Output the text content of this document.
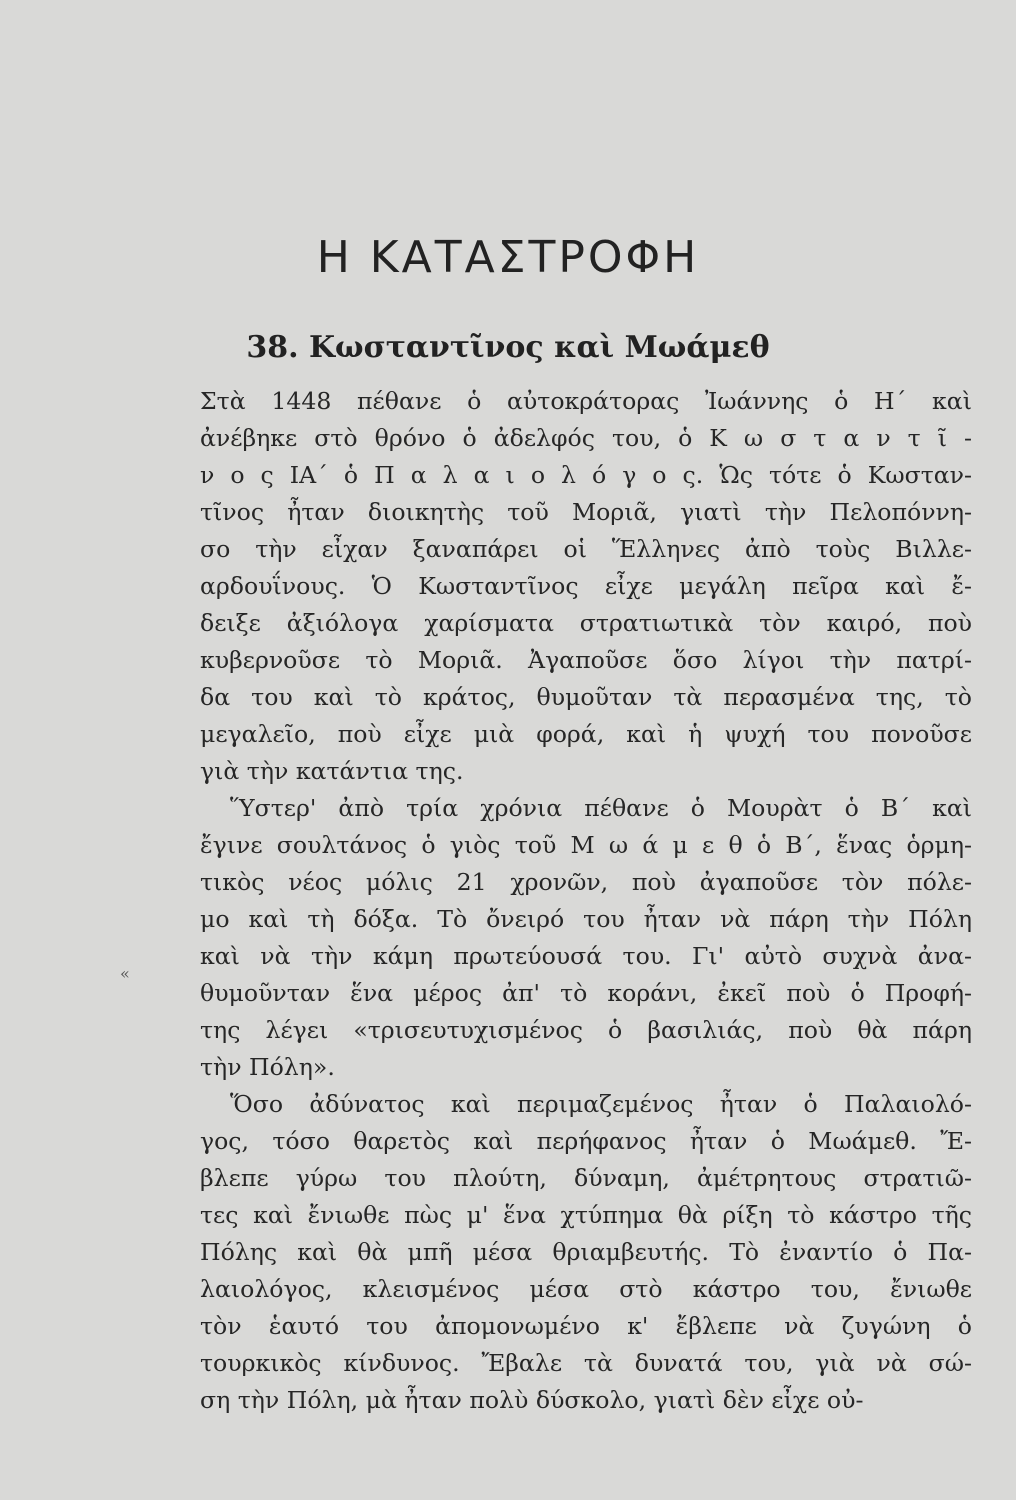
Η ΚΑΤΑΣΤΡΟΦΗ
38. Κωσταντῖνος καὶ Μωάμεθ
Στὰ 1448 πέθανε ὁ αὐτοκράτορας Ἰωάννης ὁ Η΄ καὶ
ἀνέβηκε στὸ θρόνο ὁ ἀδελφός του, ὁ Κ ω σ τ α ν τ ῖ -
ν ο ς ΙΑ΄ ὁ Π α λ α ι ο λ ό γ ο ς. Ὡς τότε ὁ Κωσταν-
τῖνος ἦταν διοικητὴς τοῦ Μοριᾶ, γιατὶ τὴν Πελοπόννη-
σο τὴν εἶχαν ξαναπάρει οἱ Ἕλληνες ἀπὸ τοὺς Βιλλε-
αρδουΐνους. Ὁ Κωσταντῖνος εἶχε μεγάλη πεῖρα καὶ ἔ-
δειξε ἀξιόλογα χαρίσματα στρατιωτικὰ τὸν καιρό, ποὺ
κυβερνοῦσε τὸ Μοριᾶ. Ἀγαποῦσε ὅσο λίγοι τὴν πατρί-
δα του καὶ τὸ κράτος, θυμοῦταν τὰ περασμένα της, τὸ
μεγαλεῖο, ποὺ εἶχε μιὰ φορά, καὶ ἡ ψυχή του πονοῦσε
γιὰ τὴν κατάντια της.
Ὕστερ' ἀπὸ τρία χρόνια πέθανε ὁ Μουρὰτ ὁ Β΄ καὶ
ἔγινε σουλτάνος ὁ γιὸς τοῦ Μ ω ά μ ε θ ὁ Β΄, ἕνας ὁρμη-
τικὸς νέος μόλις 21 χρονῶν, ποὺ ἀγαποῦσε τὸν πόλε-
μο καὶ τὴ δόξα. Τὸ ὄνειρό του ἦταν νὰ πάρη τὴν Πόλη
καὶ νὰ τὴν κάμη πρωτεύουσά του. Γι' αὐτὸ συχνὰ ἀνα-
θυμοῦνταν ἕνα μέρος ἀπ' τὸ κοράνι, ἐκεῖ ποὺ ὁ Προφή-
της λέγει «τρισευτυχισμένος ὁ βασιλιάς, ποὺ θὰ πάρη
τὴν Πόλη».
Ὅσο ἀδύνατος καὶ περιμαζεμένος ἦταν ὁ Παλαιολό-
γος, τόσο θαρετὸς καὶ περήφανος ἦταν ὁ Μωάμεθ. Ἔ-
βλεπε γύρω του πλούτη, δύναμη, ἀμέτρητους στρατιῶ-
τες καὶ ἔνιωθε πὼς μ' ἕνα χτύπημα θὰ ρίξη τὸ κάστρο τῆς
Πόλης καὶ θὰ μπῆ μέσα θριαμβευτής. Τὸ ἐναντίο ὁ Πα-
λαιολόγος, κλεισμένος μέσα στὸ κάστρο του, ἔνιωθε
τὸν ἑαυτό του ἀπομονωμένο κ' ἔβλεπε νὰ ζυγώνη ὁ
τουρκικὸς κίνδυνος. Ἔβαλε τὰ δυνατά του, γιὰ νὰ σώ-
ση τὴν Πόλη, μὰ ἦταν πολὺ δύσκολο, γιατὶ δὲν εἶχε οὐ-
«
